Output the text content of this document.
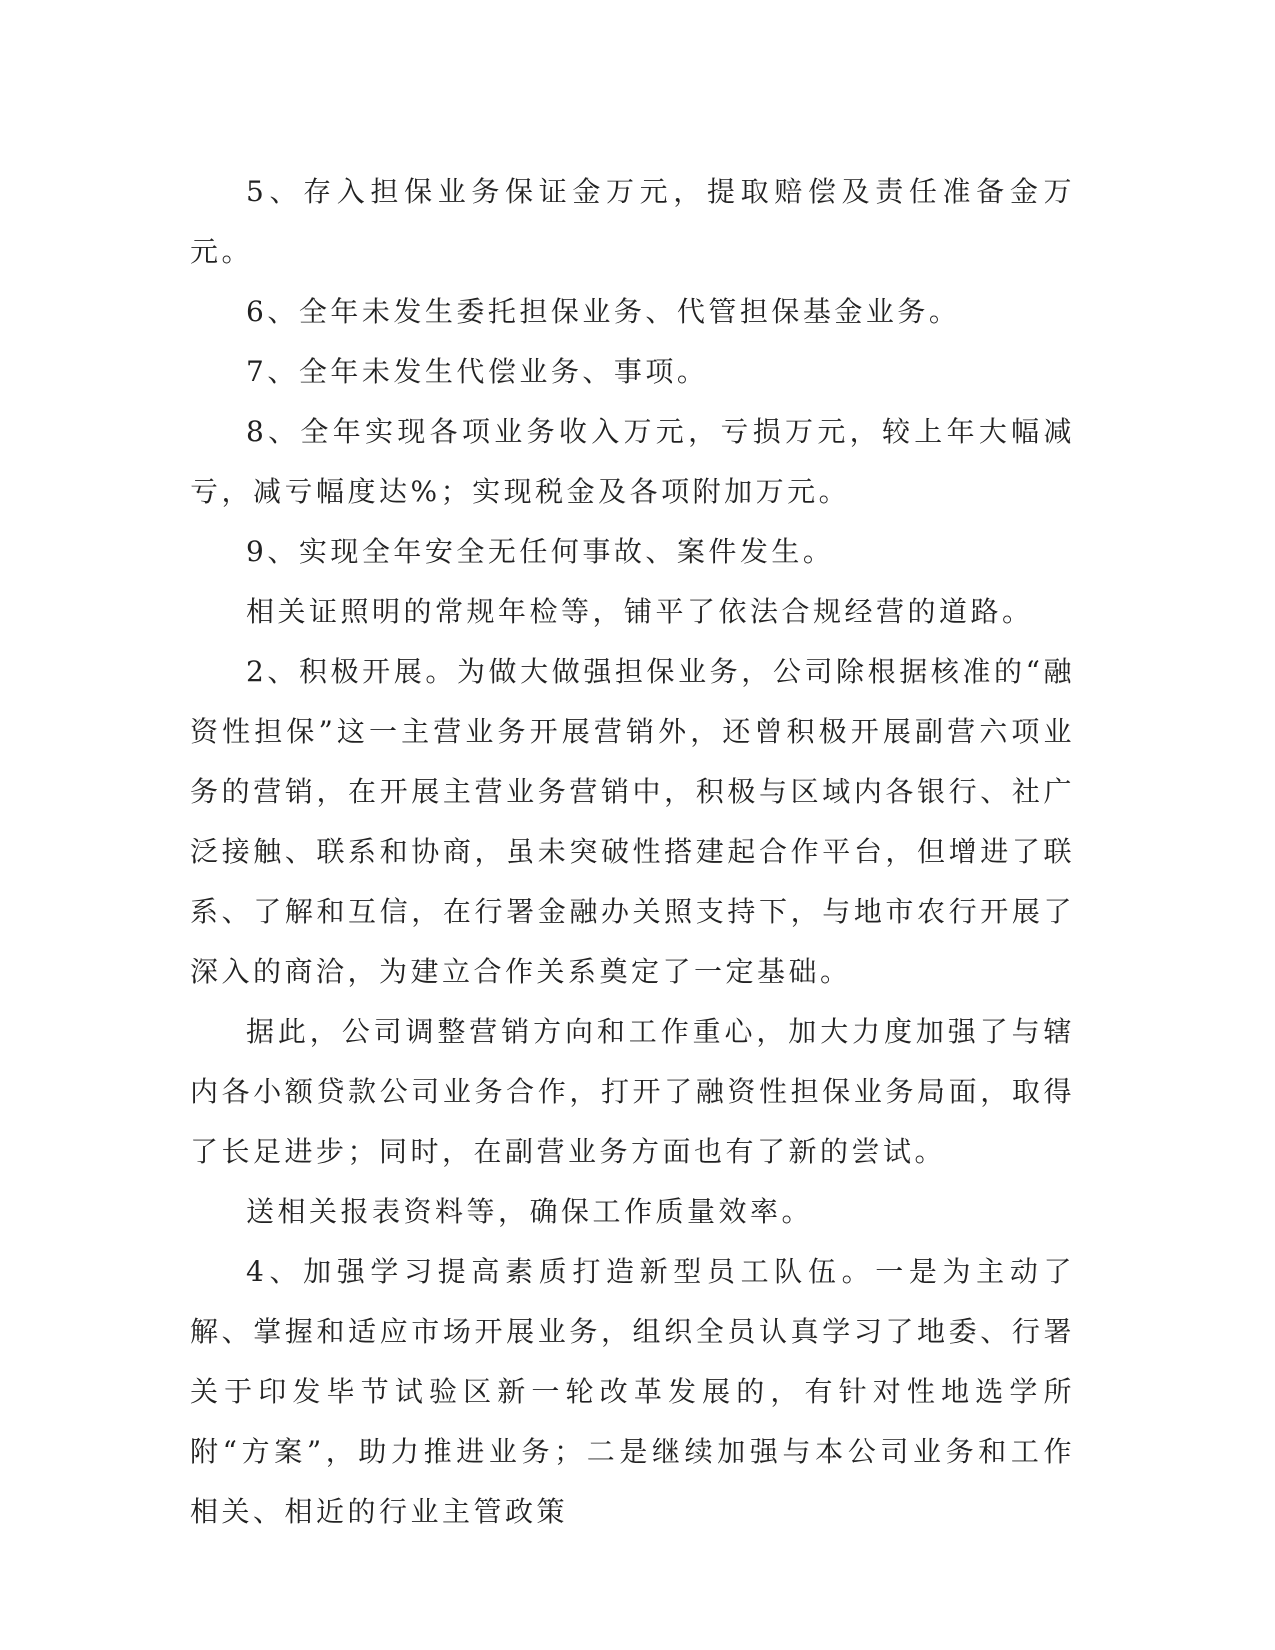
5、存入担保业务保证金万元，提取赔偿及责任准备金万元。

6、全年未发生委托担保业务、代管担保基金业务。

7、全年未发生代偿业务、事项。

8、全年实现各项业务收入万元，亏损万元，较上年大幅减亏，减亏幅度达%；实现税金及各项附加万元。

9、实现全年安全无任何事故、案件发生。

相关证照明的常规年检等，铺平了依法合规经营的道路。

2、积极开展。为做大做强担保业务，公司除根据核准的“融资性担保”这一主营业务开展营销外，还曾积极开展副营六项业务的营销，在开展主营业务营销中，积极与区域内各银行、社广泛接触、联系和协商，虽未突破性搭建起合作平台，但增进了联系、了解和互信，在行署金融办关照支持下，与地市农行开展了深入的商洽，为建立合作关系奠定了一定基础。

据此，公司调整营销方向和工作重心，加大力度加强了与辖内各小额贷款公司业务合作，打开了融资性担保业务局面，取得了长足进步；同时，在副营业务方面也有了新的尝试。

送相关报表资料等，确保工作质量效率。

4、加强学习提高素质打造新型员工队伍。一是为主动了解、掌握和适应市场开展业务，组织全员认真学习了地委、行署关于印发毕节试验区新一轮改革发展的，有针对性地选学所附“方案”，助力推进业务；二是继续加强与本公司业务和工作相关、相近的行业主管政策
